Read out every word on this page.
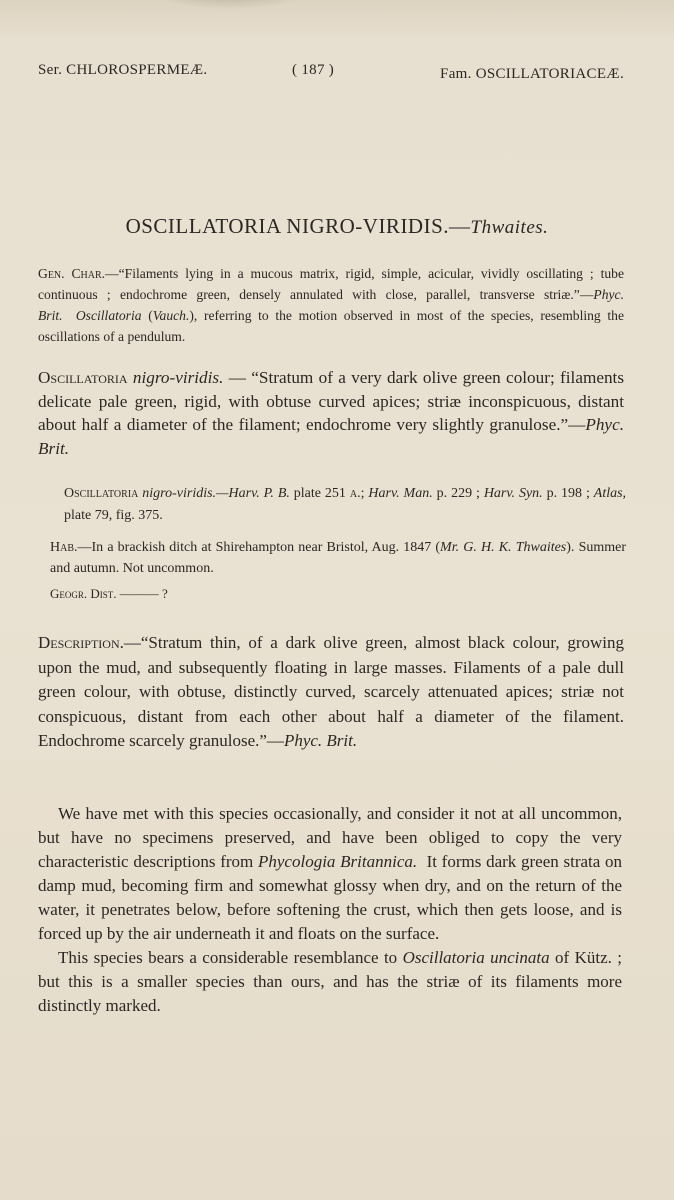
Ser. CHLOROSPERMEÆ.	( 187 )	Fam. OSCILLATORIACEÆ.
OSCILLATORIA NIGRO-VIRIDIS.—Thwaites.
Gen. Char.—“Filaments lying in a mucous matrix, rigid, simple, acicular, vividly oscillating ; tube continuous ; endochrome green, densely annulated with close, parallel, transverse striæ.”—Phyc. Brit. Oscillatoria (Vauch.), referring to the motion observed in most of the species, resembling the oscillations of a pendulum.
Oscillatoria nigro-viridis. — “Stratum of a very dark olive green colour; filaments delicate pale green, rigid, with obtuse curved apices; striæ inconspicuous, distant about half a diameter of the filament; endochrome very slightly granulose.”—Phyc. Brit.
Oscillatoria nigro-viridis.—Harv. P. B. plate 251 a.; Harv. Man. p. 229 ; Harv. Syn. p. 198 ; Atlas, plate 79, fig. 375.
Hab.—In a brackish ditch at Shirehampton near Bristol, Aug. 1847 (Mr. G. H. K. Thwaites). Summer and autumn. Not uncommon.
Geogr. Dist. ——— ?
Description.—“Stratum thin, of a dark olive green, almost black colour, growing upon the mud, and subsequently floating in large masses. Filaments of a pale dull green colour, with obtuse, distinctly curved, scarcely attenuated apices; striæ not conspicuous, distant from each other about half a diameter of the filament. Endochrome scarcely granulose.”—Phyc. Brit.

We have met with this species occasionally, and consider it not at all uncommon, but have no specimens preserved, and have been obliged to copy the very characteristic descriptions from Phycologia Britannica. It forms dark green strata on damp mud, becoming firm and somewhat glossy when dry, and on the return of the water, it penetrates below, before softening the crust, which then gets loose, and is forced up by the air underneath it and floats on the surface.

This species bears a considerable resemblance to Oscillatoria uncinata of Kütz. ; but this is a smaller species than ours, and has the striæ of its filaments more distinctly marked.
